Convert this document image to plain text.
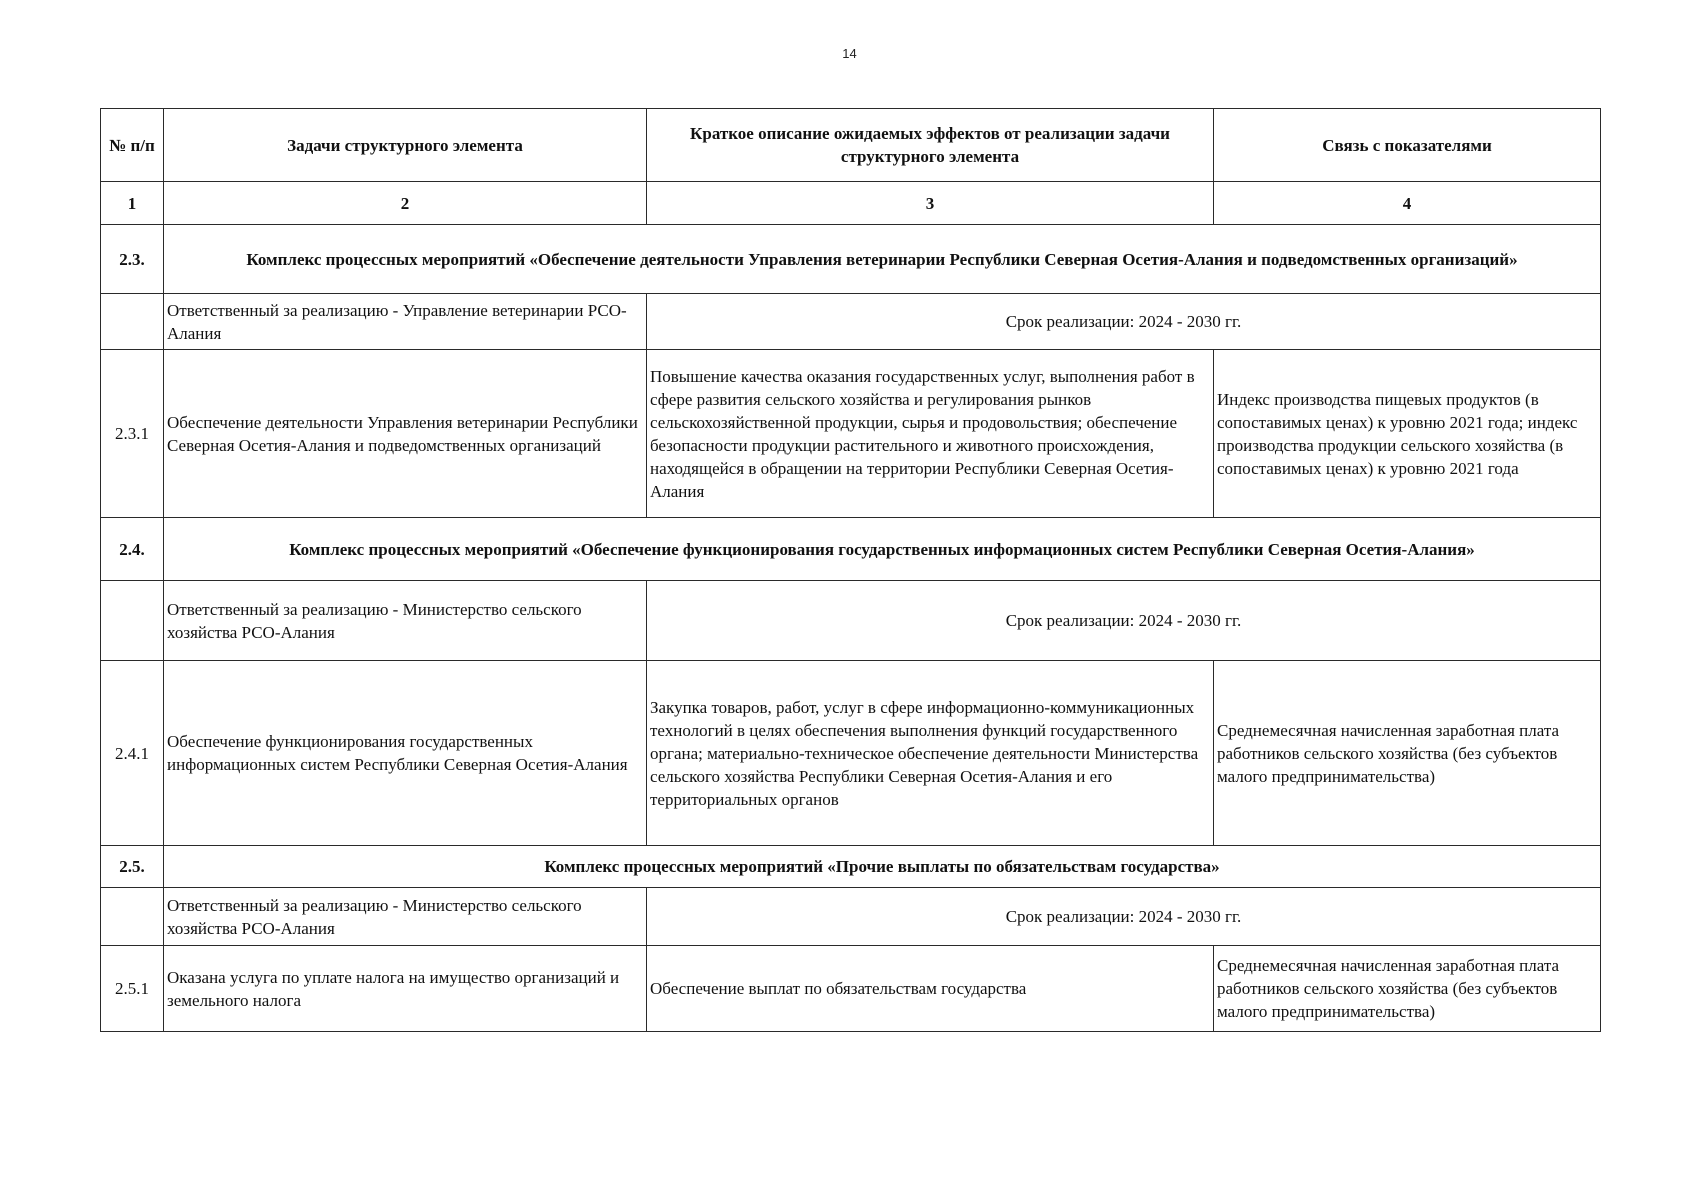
14
№ п/п	Задачи структурного элемента	Краткое описание ожидаемых эффектов от реализации задачи структурного элемента	Связь с показателями
1	2	3	4
2.3.	Комплекс процессных мероприятий «Обеспечение деятельности Управления ветеринарии Республики Северная Осетия-Алания и подведомственных организаций»		
	Ответственный за реализацию - Управление ветеринарии РСО-Алания	Срок реализации: 2024 - 2030 гг.	
2.3.1	Обеспечение деятельности Управления ветеринарии Республики Северная Осетия-Алания и подведомственных организаций	Повышение качества оказания государственных услуг, выполнения работ в сфере развития сельского хозяйства и регулирования рынков сельскохозяйственной продукции, сырья и продовольствия; обеспечение безопасности продукции растительного и животного происхождения, находящейся в обращении на территории Республики Северная Осетия-Алания	Индекс производства пищевых продуктов (в сопоставимых ценах) к уровню 2021 года; индекс производства продукции сельского хозяйства (в сопоставимых ценах) к уровню 2021 года
2.4.	Комплекс процессных мероприятий «Обеспечение функционирования государственных информационных систем Республики Северная Осетия-Алания»		
	Ответственный за реализацию - Министерство сельского хозяйства РСО-Алания	Срок реализации: 2024 - 2030 гг.	
2.4.1	Обеспечение функционирования государственных информационных систем Республики Северная Осетия-Алания	Закупка товаров, работ, услуг в сфере информационно-коммуникационных технологий в целях обеспечения выполнения функций государственного органа; материально-техническое обеспечение деятельности Министерства сельского хозяйства Республики Северная Осетия-Алания и его территориальных органов	Среднемесячная начисленная заработная плата работников сельского хозяйства (без субъектов малого предпринимательства)
2.5.	Комплекс процессных мероприятий «Прочие выплаты по обязательствам государства»		
	Ответственный за реализацию - Министерство сельского хозяйства РСО-Алания	Срок реализации: 2024 - 2030 гг.	
2.5.1	Оказана услуга по уплате налога на имущество организаций и земельного налога	Обеспечение выплат по обязательствам государства	Среднемесячная начисленная заработная плата работников сельского хозяйства (без субъектов малого предпринимательства)
